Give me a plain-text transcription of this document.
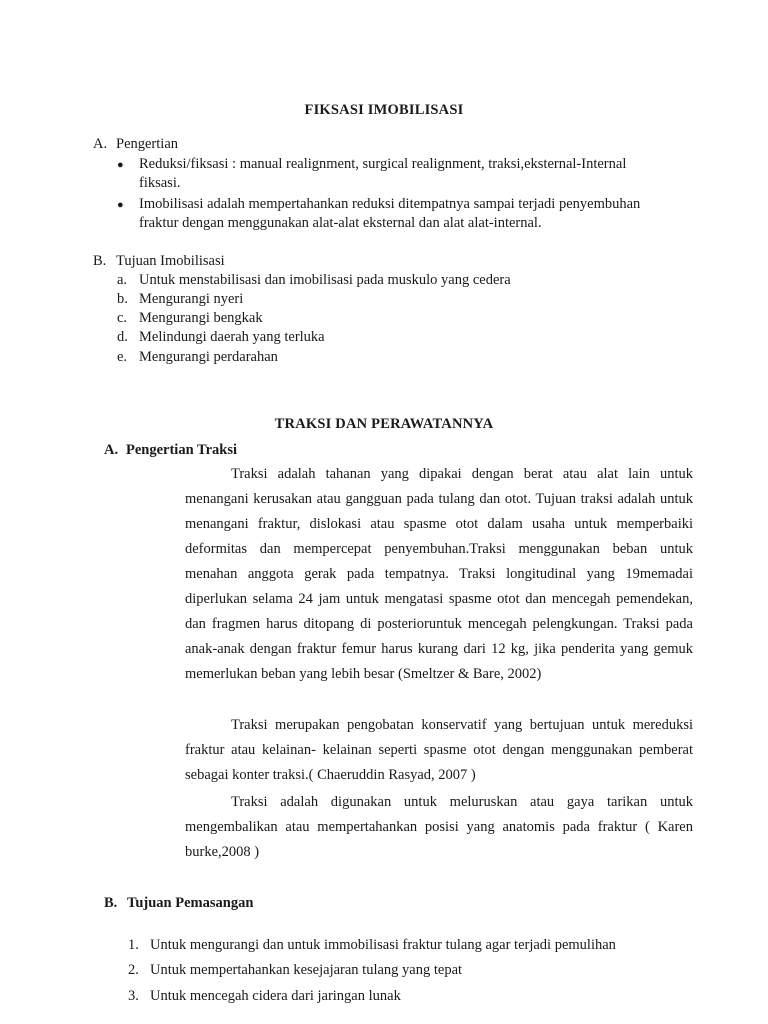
FIKSASI IMOBILISASI
A. Pengertian
● Reduksi/fiksasi : manual realignment, surgical realignment, traksi,eksternal-Internal
fiksasi.
● Imobilisasi adalah mempertahankan reduksi ditempatnya sampai terjadi penyembuhan
fraktur dengan menggunakan alat-alat eksternal dan alat alat-internal.
B. Tujuan Imobilisasi
a. Untuk menstabilisasi dan imobilisasi pada muskulo yang cedera
b. Mengurangi nyeri
c. Mengurangi bengkak
d. Melindungi daerah yang terluka
e. Mengurangi perdarahan
TRAKSI DAN PERAWATANNYA
A. Pengertian Traksi

Traksi adalah tahanan yang dipakai dengan berat atau alat lain untuk menangani kerusakan atau gangguan pada tulang dan otot. Tujuan traksi adalah untuk menangani fraktur, dislokasi atau spasme otot dalam usaha untuk memperbaiki deformitas dan mempercepat penyembuhan.Traksi menggunakan beban untuk menahan anggota gerak pada tempatnya. Traksi longitudinal yang 19memadai diperlukan selama 24 jam untuk mengatasi spasme otot dan mencegah pemendekan, dan fragmen harus ditopang di posterioruntuk mencegah pelengkungan. Traksi pada anak-anak dengan fraktur femur harus kurang dari 12 kg, jika penderita yang gemuk memerlukan beban yang lebih besar (Smeltzer & Bare, 2002)

Traksi merupakan pengobatan konservatif yang bertujuan untuk mereduksi fraktur atau kelainan- kelainan seperti spasme otot dengan menggunakan pemberat sebagai konter traksi.( Chaeruddin Rasyad, 2007 )

Traksi adalah digunakan untuk meluruskan atau gaya tarikan untuk mengembalikan atau mempertahankan posisi yang anatomis pada fraktur ( Karen burke,2008 )

B. Tujuan Pemasangan
1. Untuk mengurangi dan untuk immobilisasi fraktur tulang agar terjadi pemulihan
2. Untuk mempertahankan kesejajaran tulang yang tepat
3. Untuk mencegah cidera dari jaringan lunak
